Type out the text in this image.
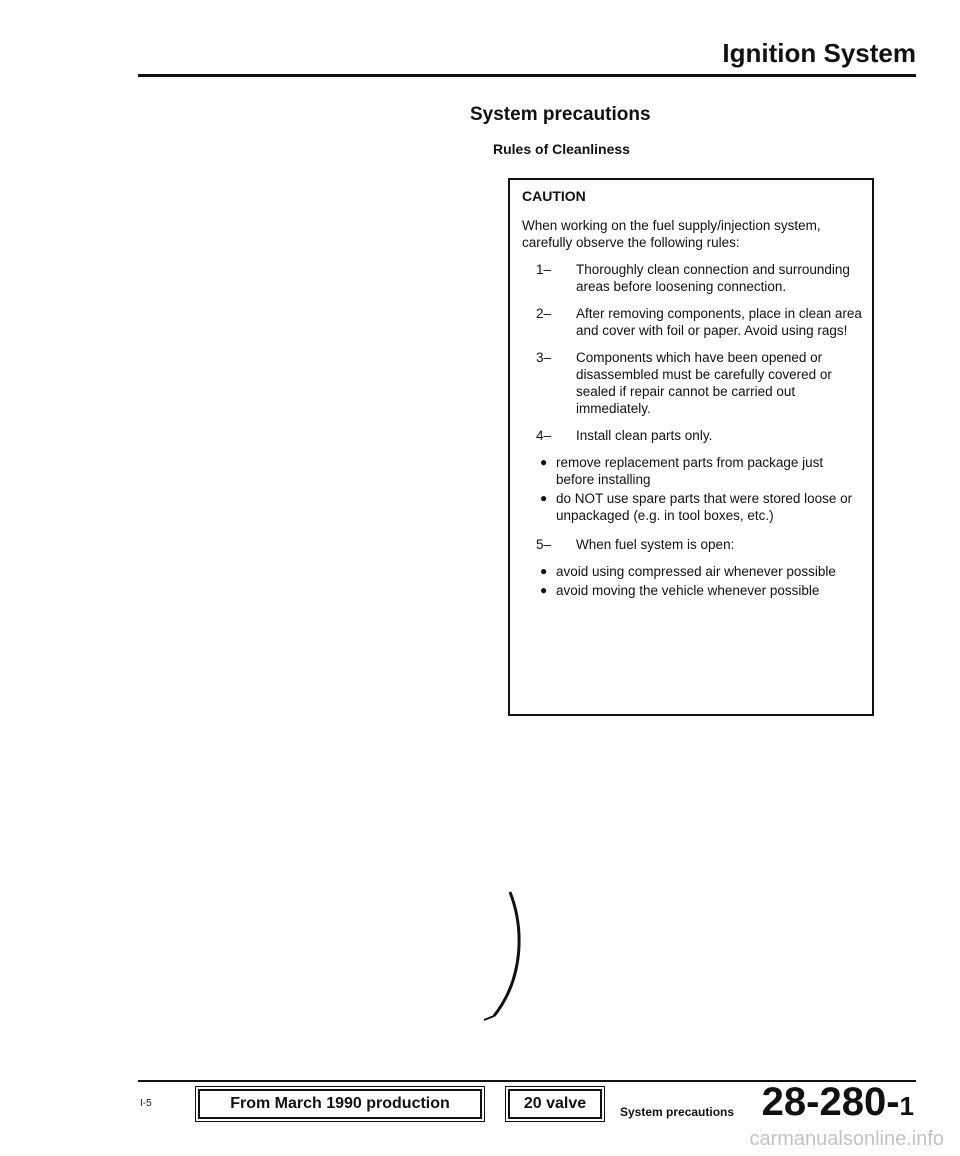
Ignition System
System precautions
Rules of Cleanliness
CAUTION
When working on the fuel supply/injection system, carefully observe the following rules:
1–	Thoroughly clean connection and surrounding areas before loosening connection.
2–	After removing components, place in clean area and cover with foil or paper. Avoid using rags!
3–	Components which have been opened or disassembled must be carefully covered or sealed if repair cannot be carried out immediately.
4–	Install clean parts only.
● remove replacement parts from package just before installing
● do NOT use spare parts that were stored loose or unpackaged (e.g. in tool boxes, etc.)
5–	When fuel system is open:
● avoid using compressed air whenever possible
● avoid moving the vehicle whenever possible
I-5	From March 1990 production	20 valve	System precautions 28-280-1
carmanualsonline.info
